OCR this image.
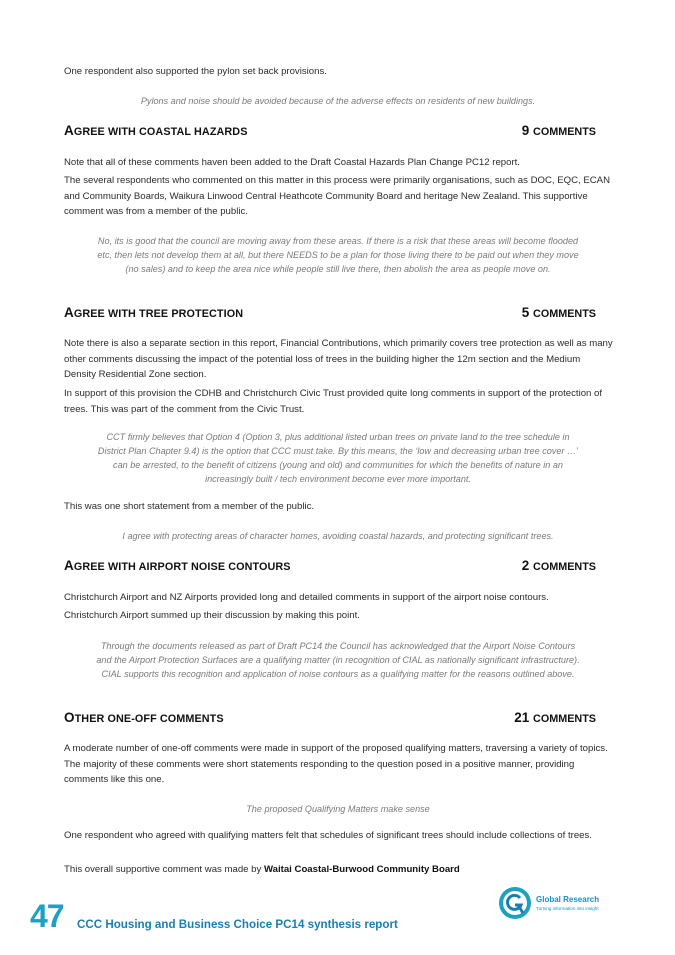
One respondent also supported the pylon set back provisions.
Pylons and noise should be avoided because of the adverse effects on residents of new buildings.
AGREE WITH COASTAL HAZARDS	9 COMMENTS
Note that all of these comments haven been added to the Draft Coastal Hazards Plan Change PC12 report.
The several respondents who commented on this matter in this process were primarily organisations, such as DOC, EQC, ECAN and Community Boards, Waikura Linwood Central Heathcote Community Board and heritage New Zealand. This supportive comment was from a member of the public.
No, its is good that the council are moving away from these areas. If there is a risk that these areas will become flooded etc, then lets not develop them at all, but there NEEDS to be a plan for those living there to be paid out when they move (no sales) and to keep the area nice while people still live there, then abolish the area as people move on.
AGREE WITH TREE PROTECTION	5 COMMENTS
Note there is also a separate section in this report, Financial Contributions, which primarily covers tree protection as well as many other comments discussing the impact of the potential loss of trees in the building higher the 12m section and the Medium Density Residential Zone section.
In support of this provision the CDHB and Christchurch Civic Trust provided quite long comments in support of the protection of trees. This was part of the comment from the Civic Trust.
CCT firmly believes that Option 4 (Option 3, plus additional listed urban trees on private land to the tree schedule in District Plan Chapter 9.4) is the option that CCC must take. By this means, the ‘low and decreasing urban tree cover …’ can be arrested, to the benefit of citizens (young and old) and communities for which the benefits of nature in an increasingly built / tech environment become ever more important.
This was one short statement from a member of the public.
I agree with protecting areas of character homes, avoiding coastal hazards, and protecting significant trees.
AGREE WITH AIRPORT NOISE CONTOURS	2 COMMENTS
Christchurch Airport and NZ Airports provided long and detailed comments in support of the airport noise contours.
Christchurch Airport summed up their discussion by making this point.
Through the documents released as part of Draft PC14 the Council has acknowledged that the Airport Noise Contours and the Airport Protection Surfaces are a qualifying matter (in recognition of CIAL as nationally significant infrastructure). CIAL supports this recognition and application of noise contours as a qualifying matter for the reasons outlined above.
OTHER ONE-OFF COMMENTS	21 COMMENTS
A moderate number of one-off comments were made in support of the proposed qualifying matters, traversing a variety of topics. The majority of these comments were short statements responding to the question posed in a positive manner, providing comments like this one.
The proposed Qualifying Matters make sense
One respondent who agreed with qualifying matters felt that schedules of significant trees should include collections of trees.
This overall supportive comment was made by Waitai Coastal-Burwood Community Board
47 CCC Housing and Business Choice PC14 synthesis report
Global Research
Turning information into insight
